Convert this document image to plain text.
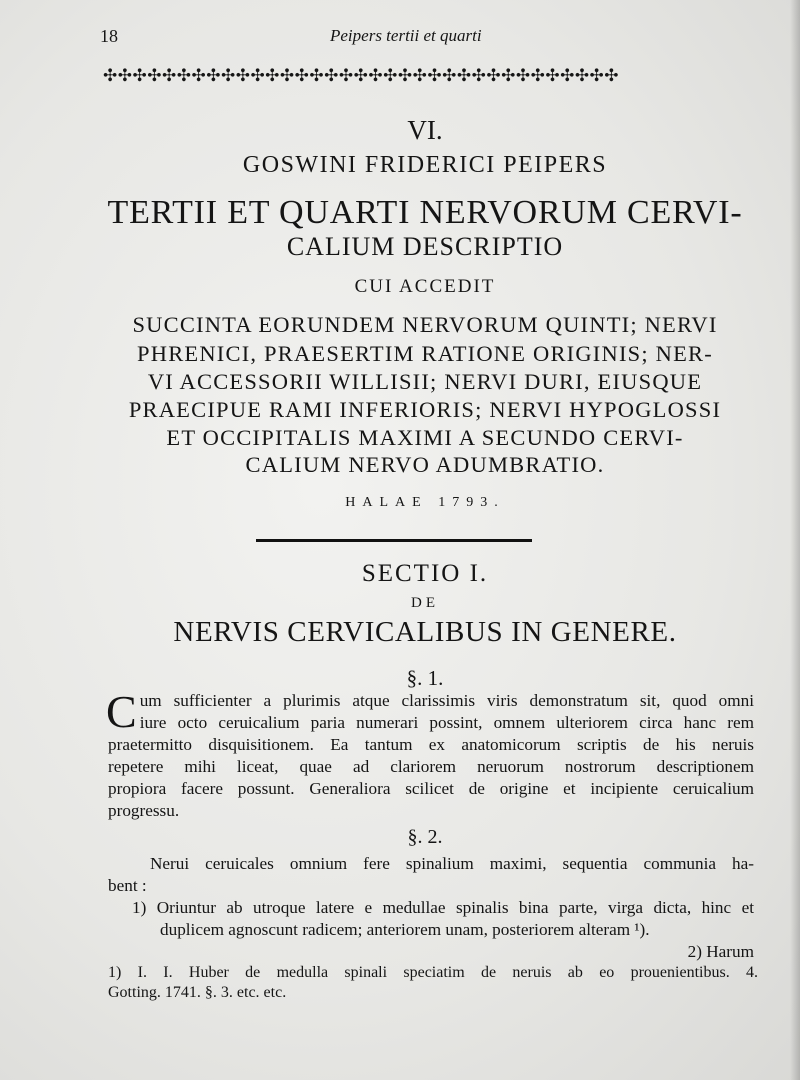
18	Peipers tertii et quarti
✣✣✣✣✣✣✣✣✣✣✣✣✣✣✣✣✣✣✣✣✣✣✣✣✣✣✣✣✣✣✣✣✣✣✣
VI.
GOSWINI FRIDERICI PEIPERS
TERTII ET QUARTI NERVORUM CERVI-
CALIUM DESCRIPTIO
CUI ACCEDIT
SUCCINTA EORUNDEM NERVORUM QUINTI; NERVI
PHRENICI, PRAESERTIM RATIONE ORIGINIS; NER-
VI ACCESSORII WILLISII; NERVI DURI, EIUSQUE
PRAECIPUE RAMI INFERIORIS; NERVI HYPOGLOSSI
ET OCCIPITALIS MAXIMI A SECUNDO CERVI-
CALIUM NERVO ADUMBRATIO.
HALAE 1793.
SECTIO I.
DE
NERVIS CERVICALIBUS IN GENERE.
§. 1.
C um sufficienter a plurimis atque clarissimis viris demonstratum sit, quod omni
iure octo ceruicalium paria numerari possint, omnem ulteriorem circa hanc rem
praetermitto disquisitionem. Ea tantum ex anatomicorum scriptis de his neruis
repetere mihi liceat, quae ad clariorem neruorum nostrorum descriptionem
propiora facere possunt. Generaliora scilicet de origine et incipiente ceruicalium
progressu.
§. 2.
Nerui ceruicales omnium fere spinalium maximi, sequentia communia ha-
bent :
1) Oriuntur ab utroque latere e medullae spinalis bina parte, virga dicta, hinc et
duplicem agnoscunt radicem; anteriorem unam, posteriorem alteram ¹).
2) Harum
1) I. I. Huber de medulla spinali speciatim de neruis ab eo prouenientibus. 4.
Gotting. 1741. §. 3. etc. etc.
